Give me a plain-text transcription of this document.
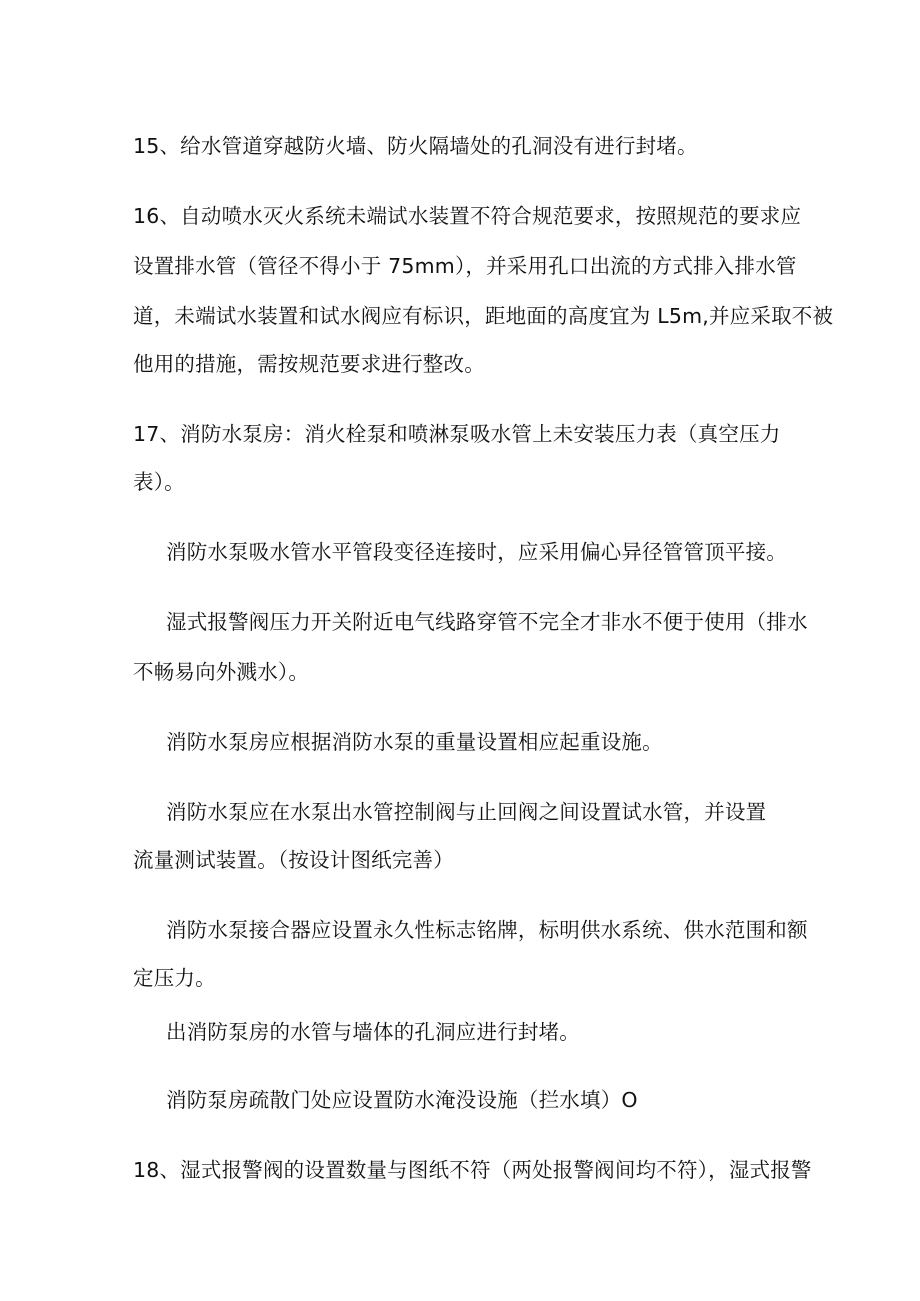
15、给水管道穿越防火墙、防火隔墙处的孔洞没有进行封堵。
16、自动喷水灭火系统未端试水装置不符合规范要求，按照规范的要求应
设置排水管（管径不得小于 75mm），并采用孔口出流的方式排入排水管
道，未端试水装置和试水阀应有标识，距地面的高度宜为 L5m,并应采取不被
他用的措施，需按规范要求进行整改。
17、消防水泵房：消火栓泵和喷淋泵吸水管上未安装压力表（真空压力
表）。
消防水泵吸水管水平管段变径连接时，应采用偏心异径管管顶平接。
湿式报警阀压力开关附近电气线路穿管不完全才非水不便于使用（排水
不畅易向外溅水）。
消防水泵房应根据消防水泵的重量设置相应起重设施。
消防水泵应在水泵出水管控制阀与止回阀之间设置试水管，并设置
流量测试装置。（按设计图纸完善）
消防水泵接合器应设置永久性标志铭牌，标明供水系统、供水范围和额
定压力。
出消防泵房的水管与墙体的孔洞应进行封堵。
消防泵房疏散门处应设置防水淹没设施（拦水填）O
18、湿式报警阀的设置数量与图纸不符（两处报警阀间均不符），湿式报警
